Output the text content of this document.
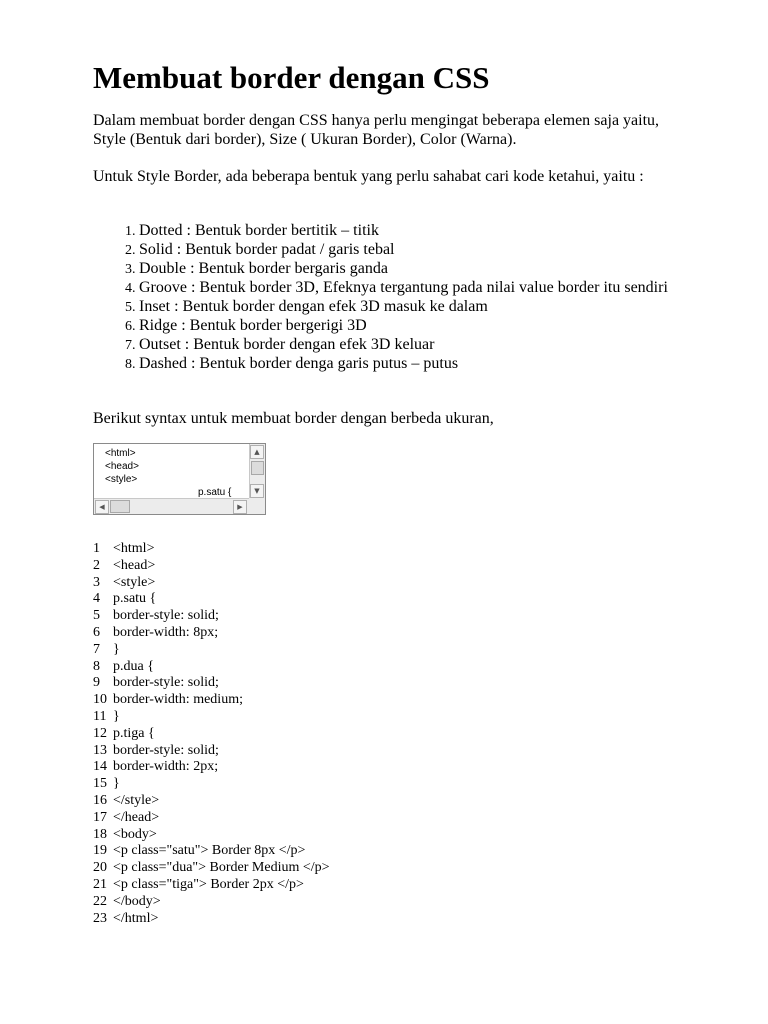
Membuat border dengan CSS

Dalam membuat border dengan CSS hanya perlu mengingat beberapa elemen saja yaitu, Style (Bentuk dari border), Size ( Ukuran Border), Color (Warna).

Untuk Style Border, ada beberapa bentuk yang perlu sahabat cari kode ketahui, yaitu :

1. Dotted : Bentuk border bertitik – titik
2. Solid : Bentuk border padat / garis tebal
3. Double : Bentuk border bergaris ganda
4. Groove : Bentuk border 3D, Efeknya tergantung pada nilai value border itu sendiri
5. Inset : Bentuk border dengan efek 3D masuk ke dalam
6. Ridge : Bentuk border bergerigi 3D
7. Outset : Bentuk border dengan efek 3D keluar
8. Dashed : Bentuk border denga garis putus – putus

Berikut syntax untuk membuat border dengan berbeda ukuran,

<html>
<head>
<style>
p.satu {
▲
▼
◀	▶
1 <html>
2 <head>
3 <style>
4 p.satu {
5 border-style: solid;
6 border-width: 8px;
7 }
8 p.dua {
9 border-style: solid;
10 border-width: medium;
11 }
12 p.tiga {
13 border-style: solid;
14 border-width: 2px;
15 }
16 </style>
17 </head>
18 <body>
19 <p class="satu"> Border 8px </p>
20 <p class="dua"> Border Medium </p>
21 <p class="tiga"> Border 2px </p>
22 </body>
23 </html>
